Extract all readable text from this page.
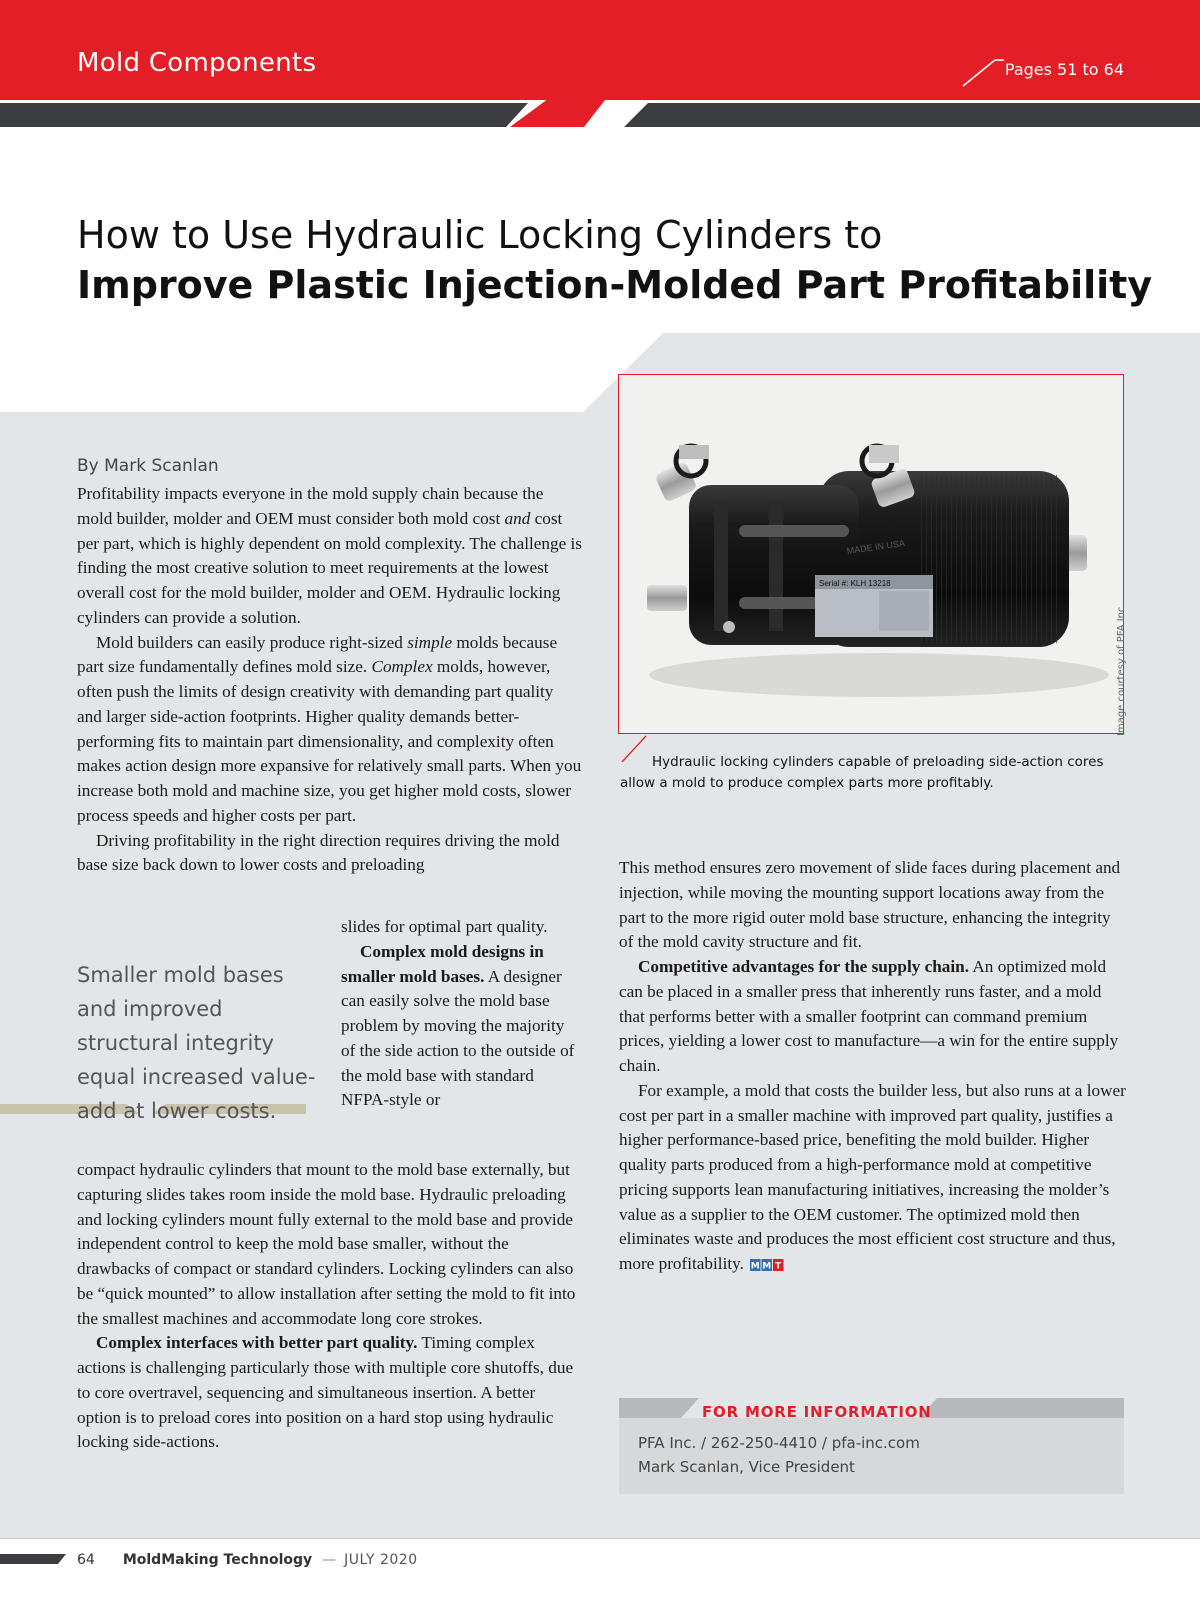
Mold Components	Pages 51 to 64
How to Use Hydraulic Locking Cylinders to
Improve Plastic Injection-Molded Part Profitability
By Mark Scanlan

Profitability impacts everyone in the mold supply chain because the mold builder, molder and OEM must consider both mold cost and cost per part, which is highly dependent on mold complexity. The challenge is finding the most creative solution to meet requirements at the lowest overall cost for the mold builder, molder and OEM. Hydraulic locking cylinders can provide a solution.

Mold builders can easily produce right-sized simple molds because part size fundamentally defines mold size. Complex molds, however, often push the limits of design creativity with demanding part quality and larger side-action footprints. Higher quality demands better-performing fits to maintain part dimensionality, and complexity often makes action design more expansive for relatively small parts. When you increase both mold and machine size, you get higher mold costs, slower process speeds and higher costs per part.

Driving profitability in the right direction requires driving the mold base size back down to lower costs and preloading

slides for optimal part quality.

Complex mold designs in smaller mold bases. A designer can easily solve the mold base problem by moving the majority of the side action to the outside of the mold base with standard NFPA-style or

compact hydraulic cylinders that mount to the mold base externally, but capturing slides takes room inside the mold base. Hydraulic preloading and locking cylinders mount fully external to the mold base and provide independent control to keep the mold base smaller, without the drawbacks of compact or standard cylinders. Locking cylinders can also be “quick mounted” to allow installation after setting the mold to fit into the smallest machines and accommodate long core strokes.

Complex interfaces with better part quality. Timing complex actions is challenging particularly those with multiple core shutoffs, due to core overtravel, sequencing and simultaneous insertion. A better option is to preload cores into position on a hard stop using hydraulic locking side-actions.

This method ensures zero movement of slide faces during placement and injection, while moving the mounting support locations away from the part to the more rigid outer mold base structure, enhancing the integrity of the mold cavity structure and fit.

Competitive advantages for the supply chain. An optimized mold can be placed in a smaller press that inherently runs faster, and a mold that performs better with a smaller footprint can command premium prices, yielding a lower cost to manufacture—a win for the entire supply chain.

For example, a mold that costs the builder less, but also runs at a lower cost per part in a smaller machine with improved part quality, justifies a higher performance-based price, benefiting the mold builder. Higher quality parts produced from a high-performance mold at competitive pricing supports lean manufacturing initiatives, increasing the molder’s value as a supplier to the OEM customer. The optimized mold then eliminates waste and produces the most efficient cost structure and thus, more profitability. M M T

Smaller mold bases and improved structural integrity equal increased value-add at lower costs.
Serial #: KLH 13218
MADE IN USA
Hydraulic locking cylinders capable of preloading side-action cores
allow a mold to produce complex parts more profitably.
Image courtesy of PFA Inc.
FOR MORE INFORMATION
PFA Inc. / 262-250-4410 / pfa-inc.com
Mark Scanlan, Vice President
64 MoldMaking Technology — JULY 2020
